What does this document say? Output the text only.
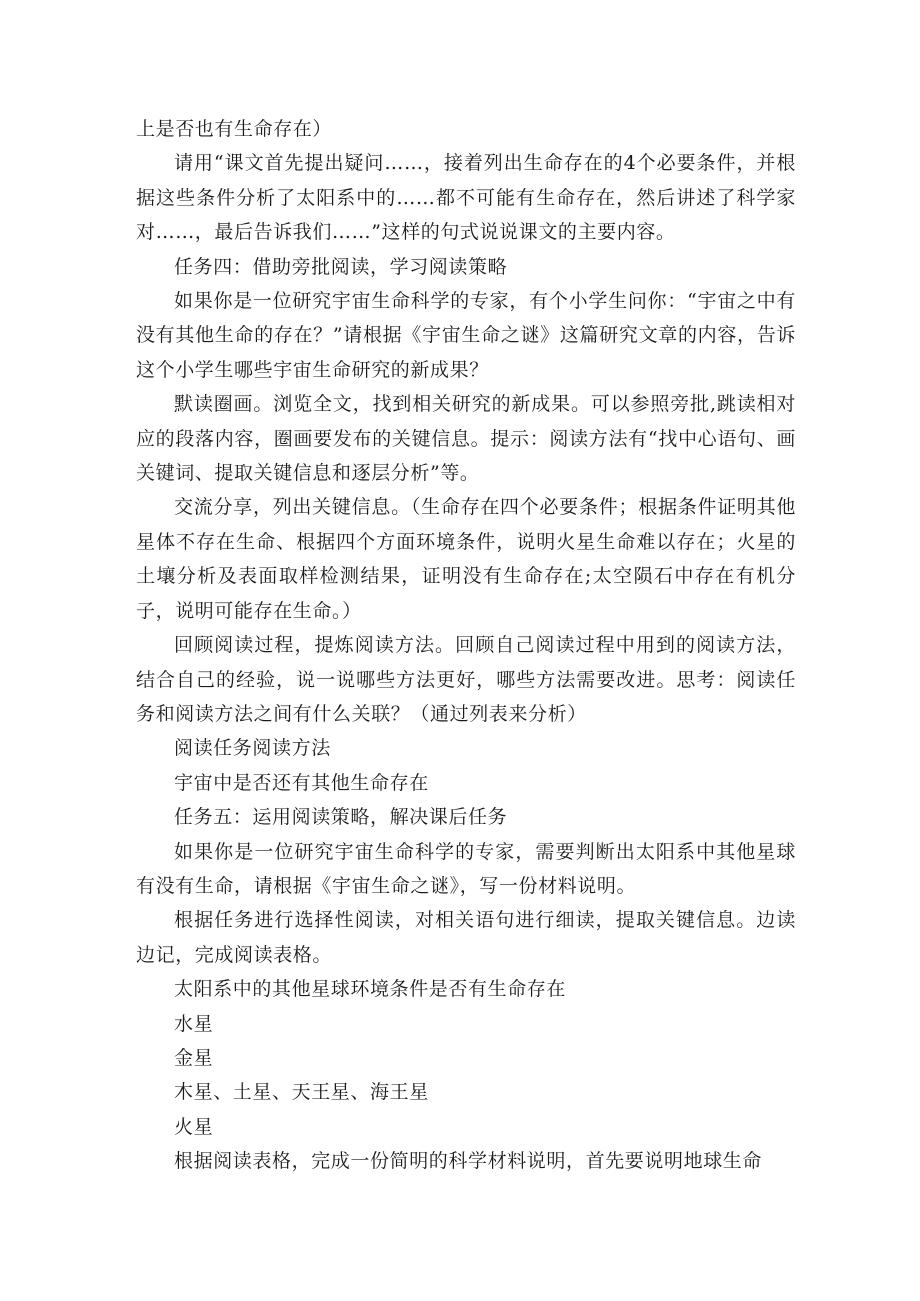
上是否也有生命存在）

请用“课文首先提出疑问……，接着列出生命存在的4个必要条件，并根据这些条件分析了太阳系中的……都不可能有生命存在，然后讲述了科学家对……，最后告诉我们……”这样的句式说说课文的主要内容。

任务四：借助旁批阅读，学习阅读策略

如果你是一位研究宇宙生命科学的专家，有个小学生问你：“宇宙之中有没有其他生命的存在？”请根据《宇宙生命之谜》这篇研究文章的内容，告诉这个小学生哪些宇宙生命研究的新成果？

默读圈画。浏览全文，找到相关研究的新成果。可以参照旁批,跳读相对应的段落内容，圈画要发布的关键信息。提示：阅读方法有“找中心语句、画关键词、提取关键信息和逐层分析”等。

交流分享，列出关键信息。（生命存在四个必要条件；根据条件证明其他星体不存在生命、根据四个方面环境条件，说明火星生命难以存在；火星的土壤分析及表面取样检测结果，证明没有生命存在;太空陨石中存在有机分子，说明可能存在生命。）

回顾阅读过程，提炼阅读方法。回顾自己阅读过程中用到的阅读方法，结合自己的经验，说一说哪些方法更好，哪些方法需要改进。思考：阅读任务和阅读方法之间有什么关联？（通过列表来分析）

阅读任务阅读方法

宇宙中是否还有其他生命存在

任务五：运用阅读策略，解决课后任务

如果你是一位研究宇宙生命科学的专家，需要判断出太阳系中其他星球有没有生命，请根据《宇宙生命之谜》，写一份材料说明。

根据任务进行选择性阅读，对相关语句进行细读，提取关键信息。边读边记，完成阅读表格。

太阳系中的其他星球环境条件是否有生命存在

水星

金星

木星、土星、天王星、海王星

火星

根据阅读表格，完成一份简明的科学材料说明，首先要说明地球生命
